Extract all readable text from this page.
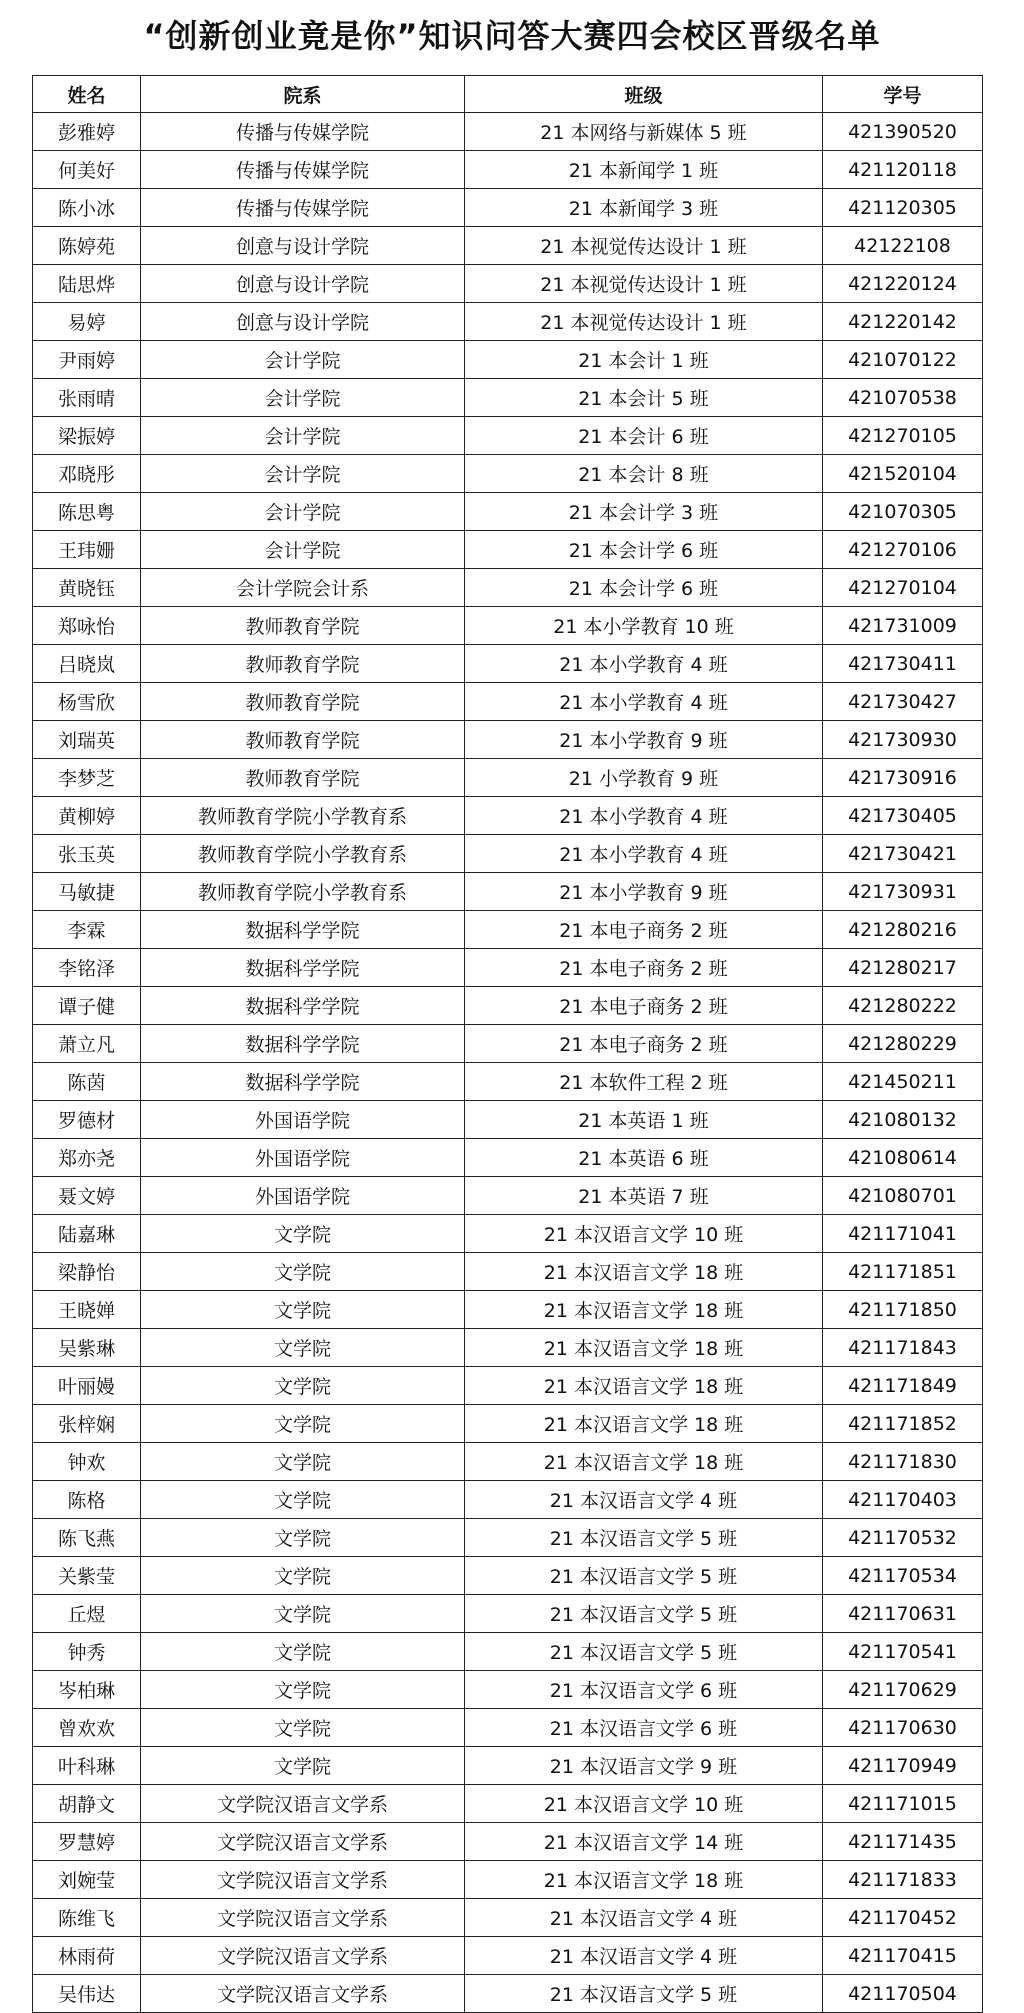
“创新创业竟是你”知识问答大赛四会校区晋级名单
姓名	院系	班级	学号
彭雅婷	传播与传媒学院	21 本网络与新媒体 5 班	421390520
何美好	传播与传媒学院	21 本新闻学 1 班	421120118
陈小冰	传播与传媒学院	21 本新闻学 3 班	421120305
陈婷苑	创意与设计学院	21 本视觉传达设计 1 班	42122108
陆思烨	创意与设计学院	21 本视觉传达设计 1 班	421220124
易婷	创意与设计学院	21 本视觉传达设计 1 班	421220142
尹雨婷	会计学院	21 本会计 1 班	421070122
张雨晴	会计学院	21 本会计 5 班	421070538
梁振婷	会计学院	21 本会计 6 班	421270105
邓晓彤	会计学院	21 本会计 8 班	421520104
陈思粤	会计学院	21 本会计学 3 班	421070305
王玮姗	会计学院	21 本会计学 6 班	421270106
黄晓钰	会计学院会计系	21 本会计学 6 班	421270104
郑咏怡	教师教育学院	21 本小学教育 10 班	421731009
吕晓岚	教师教育学院	21 本小学教育 4 班	421730411
杨雪欣	教师教育学院	21 本小学教育 4 班	421730427
刘瑞英	教师教育学院	21 本小学教育 9 班	421730930
李梦芝	教师教育学院	21 小学教育 9 班	421730916
黄柳婷	教师教育学院小学教育系	21 本小学教育 4 班	421730405
张玉英	教师教育学院小学教育系	21 本小学教育 4 班	421730421
马敏捷	教师教育学院小学教育系	21 本小学教育 9 班	421730931
李霖	数据科学学院	21 本电子商务 2 班	421280216
李铭泽	数据科学学院	21 本电子商务 2 班	421280217
谭子健	数据科学学院	21 本电子商务 2 班	421280222
萧立凡	数据科学学院	21 本电子商务 2 班	421280229
陈茵	数据科学学院	21 本软件工程 2 班	421450211
罗德材	外国语学院	21 本英语 1 班	421080132
郑亦尧	外国语学院	21 本英语 6 班	421080614
聂文婷	外国语学院	21 本英语 7 班	421080701
陆嘉琳	文学院	21 本汉语言文学 10 班	421171041
梁静怡	文学院	21 本汉语言文学 18 班	421171851
王晓婵	文学院	21 本汉语言文学 18 班	421171850
吴紫琳	文学院	21 本汉语言文学 18 班	421171843
叶丽嫚	文学院	21 本汉语言文学 18 班	421171849
张梓娴	文学院	21 本汉语言文学 18 班	421171852
钟欢	文学院	21 本汉语言文学 18 班	421171830
陈格	文学院	21 本汉语言文学 4 班	421170403
陈飞燕	文学院	21 本汉语言文学 5 班	421170532
关紫莹	文学院	21 本汉语言文学 5 班	421170534
丘煜	文学院	21 本汉语言文学 5 班	421170631
钟秀	文学院	21 本汉语言文学 5 班	421170541
岑柏琳	文学院	21 本汉语言文学 6 班	421170629
曾欢欢	文学院	21 本汉语言文学 6 班	421170630
叶科琳	文学院	21 本汉语言文学 9 班	421170949
胡静文	文学院汉语言文学系	21 本汉语言文学 10 班	421171015
罗慧婷	文学院汉语言文学系	21 本汉语言文学 14 班	421171435
刘婉莹	文学院汉语言文学系	21 本汉语言文学 18 班	421171833
陈维飞	文学院汉语言文学系	21 本汉语言文学 4 班	421170452
林雨荷	文学院汉语言文学系	21 本汉语言文学 4 班	421170415
吴伟达	文学院汉语言文学系	21 本汉语言文学 5 班	421170504
